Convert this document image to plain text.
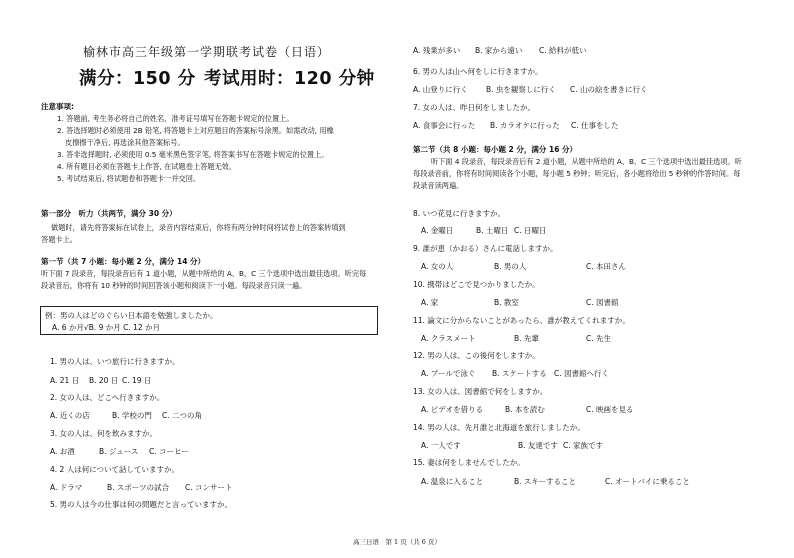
榆林市高三年级第一学期联考试卷（日语）
满分：150 分 考试用时：120 分钟
注意事项:
1. 答题前, 考生务必将自己的姓名、准考证号填写在答题卡规定的位置上。
2. 答选择题时必须使用 2B 铅笔, 将答题卡上对应题目的答案标号涂黑。如需改动, 用橡
皮擦擦干净后, 再选涂其他答案标号。
3. 答非选择题时, 必须使用 0.5 毫米黑色签字笔, 将答案书写在答题卡规定的位置上。
4. 所有题目必须在答题卡上作答, 在试题卷上答题无效。
5. 考试结束后, 将试题卷和答题卡一并交回。
第一部分　听力（共两节，满分 30 分）
做题时，请先将答案标在试卷上，录音内容结束后，你将有两分钟时间将试卷上的答案转填到
答题卡上。
第一节（共 7 小题：每小题 2 分，满分 14 分）
听下面 7 段录音，每段录音后有 1 道小题，从题中所给的 A、B、C 三个选项中选出最佳选项。听完每
段录音后，你将有 10 秒钟的时间回答该小题和阅读下一小题。每段录音只读一遍。
例：男の人はどのぐらい日本語を勉強しましたか。
A. 6 か月√B. 9 か月 C. 12 か月
1. 男の人は、いつ旅行に行きますか。
A. 21 日 B. 20 日 C. 19 日
2. 女の人は、どこへ行きますか。
A. 近くの店	B. 学校の門 C. 二つの角
3. 女の人は、何を飲みますか。
A. お酒	B. ジュース C. コーヒー
4. 2 人は何について話していますか。
A. ドラマ	B. スポーツの試合 C. コンサート
5. 男の人は今の仕事は何の問題だと言っていますか。
A. 残業が多い B. 家から遠い C. 給料が低い
6. 男の人は山へ何をしに行きますか。
A. 山登りに行く B. 虫を観察しに行く C. 山の絵を書きに行く
7. 女の人は、昨日何をしましたか。
A. 食事会に行った B. カラオケに行った C. 仕事をした
第二节（共 8 小题：每小题 2 分，满分 16 分）
听下面 4 段录音，每段录音后有 2 道小题，从题中所给的 A、B、C 三个选项中选出最佳选项。听
每段录音前，你将有时间阅读各个小题，每小题 5 秒钟；听完后，各小题将给出 5 秒钟的作答时间。每
段录音读两遍。
8. いつ花見に行きますか。
A. 金曜日	B. 土曜日 C. 日曜日
9. 誰が恵（かおる）さんに電話しますか。
A. 女の人	B. 男の人	C. 本田さん
10. 携帯はどこで見つかりましたか。
A. 家	B. 教室	C. 図書館
11. 論文に分からないことがあったら、誰が教えてくれますか。
A. クラスメート	B. 先輩	C. 先生
12. 男の人は、この後何をしますか。
A. プールで泳ぐ B. スケートする C. 図書館へ行く
13. 女の人は、図書館で何をしますか。
A. ビデオを借りる	B. 本を読む	C. 映画を見る
14. 男の人は、先月誰と北海道を旅行しましたか。
A. 一人です	B. 友達です C. 家族です
15. 妻は何をしませんでしたか。
A. 温泉に入ること	B. スキーすること	C. オートバイに乗ること
高三日语　第 1 页（共 6 页）
